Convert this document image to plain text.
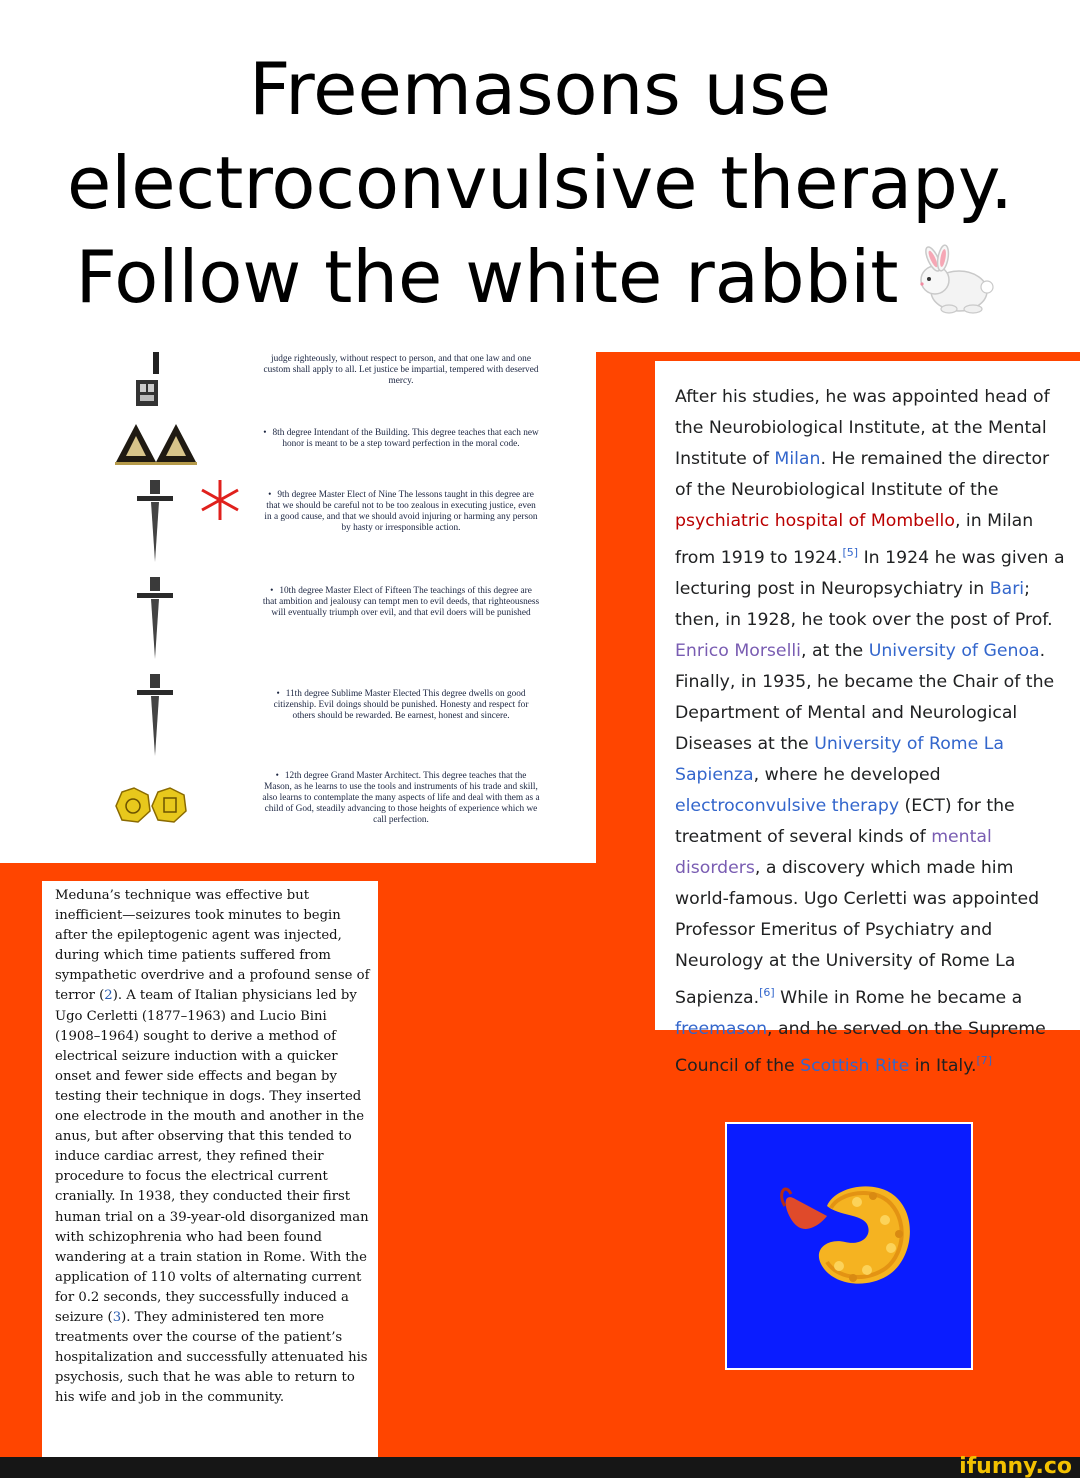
Freemasons use
electroconvulsive therapy.
Follow the white rabbit
judge righteously, without respect to person, and that one law and one custom shall apply to all. Let justice be impartial, tempered with deserved mercy.
• 8th degree Intendant of the Building. This degree teaches that each new honor is meant to be a step toward perfection in the moral code.
• 9th degree Master Elect of Nine The lessons taught in this degree are that we should be careful not to be too zealous in executing justice, even in a good cause, and that we should avoid injuring or harming any person by hasty or irresponsible action.
• 10th degree Master Elect of Fifteen The teachings of this degree are that ambition and jealousy can tempt men to evil deeds, that righteousness will eventually triumph over evil, and that evil doers will be punished
• 11th degree Sublime Master Elected This degree dwells on good citizenship. Evil doings should be punished. Honesty and respect for others should be rewarded. Be earnest, honest and sincere.
• 12th degree Grand Master Architect. This degree teaches that the Mason, as he learns to use the tools and instruments of his trade and skill, also learns to contemplate the many aspects of life and deal with them as a child of God, steadily advancing to those heights of experience which we call perfection.
After his studies, he was appointed head of the Neurobiological Institute, at the Mental Institute of Milan. He remained the director of the Neurobiological Institute of the psychiatric hospital of Mombello, in Milan from 1919 to 1924.[5] In 1924 he was given a lecturing post in Neuropsychiatry in Bari; then, in 1928, he took over the post of Prof. Enrico Morselli, at the University of Genoa. Finally, in 1935, he became the Chair of the Department of Mental and Neurological Diseases at the University of Rome La Sapienza, where he developed electroconvulsive therapy (ECT) for the treatment of several kinds of mental disorders, a discovery which made him world-famous. Ugo Cerletti was appointed Professor Emeritus of Psychiatry and Neurology at the University of Rome La Sapienza.[6] While in Rome he became a freemason, and he served on the Supreme Council of the Scottish Rite in Italy.[7]
Meduna’s technique was effective but inefficient—seizures took minutes to begin after the epileptogenic agent was injected, during which time patients suffered from sympathetic overdrive and a profound sense of terror (2). A team of Italian physicians led by Ugo Cerletti (1877–1963) and Lucio Bini (1908–1964) sought to derive a method of electrical seizure induction with a quicker onset and fewer side effects and began by testing their technique in dogs. They inserted one electrode in the mouth and another in the anus, but after observing that this tended to induce cardiac arrest, they refined their procedure to focus the electrical current cranially. In 1938, they conducted their first human trial on a 39-year-old disorganized man with schizophrenia who had been found wandering at a train station in Rome. With the application of 110 volts of alternating current for 0.2 seconds, they successfully induced a seizure (3). They administered ten more treatments over the course of the patient’s hospitalization and successfully attenuated his psychosis, such that he was able to return to his wife and job in the community.
ifunny.co
